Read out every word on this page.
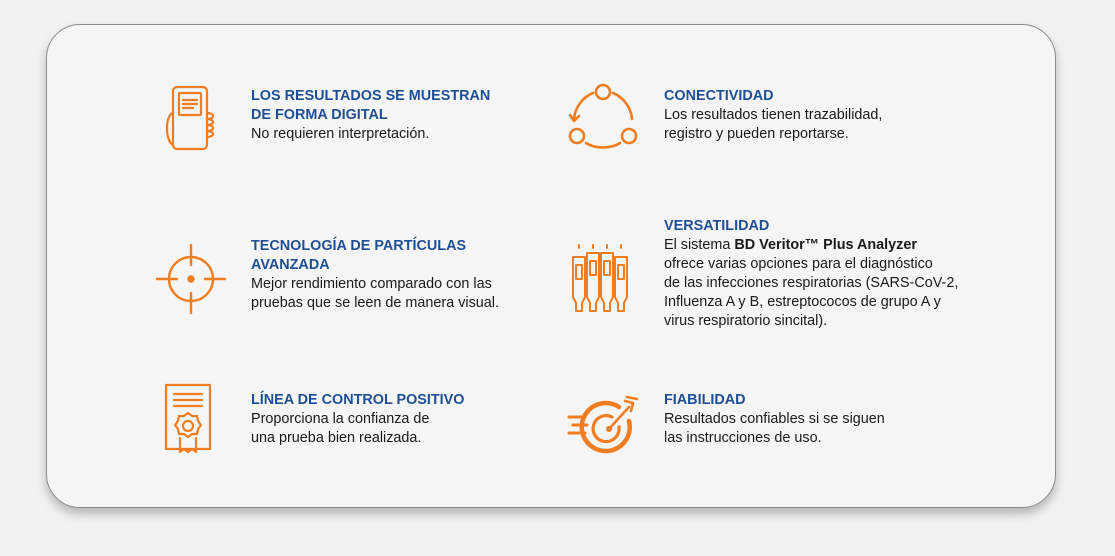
LOS RESULTADOS SE MUESTRAN
DE FORMA DIGITAL
No requieren interpretación.
CONECTIVIDAD
Los resultados tienen trazabilidad,
registro y pueden reportarse.
TECNOLOGÍA DE PARTÍCULAS
AVANZADA
Mejor rendimiento comparado con las
pruebas que se leen de manera visual.
VERSATILIDAD
El sistema BD Veritor™ Plus Analyzer
ofrece varias opciones para el diagnóstico
de las infecciones respiratorias (SARS-CoV-2,
Influenza A y B, estreptococos de grupo A y
virus respiratorio sincital).
LÍNEA DE CONTROL POSITIVO
Proporciona la confianza de
una prueba bien realizada.
FIABILIDAD
Resultados confiables si se siguen
las instrucciones de uso.
